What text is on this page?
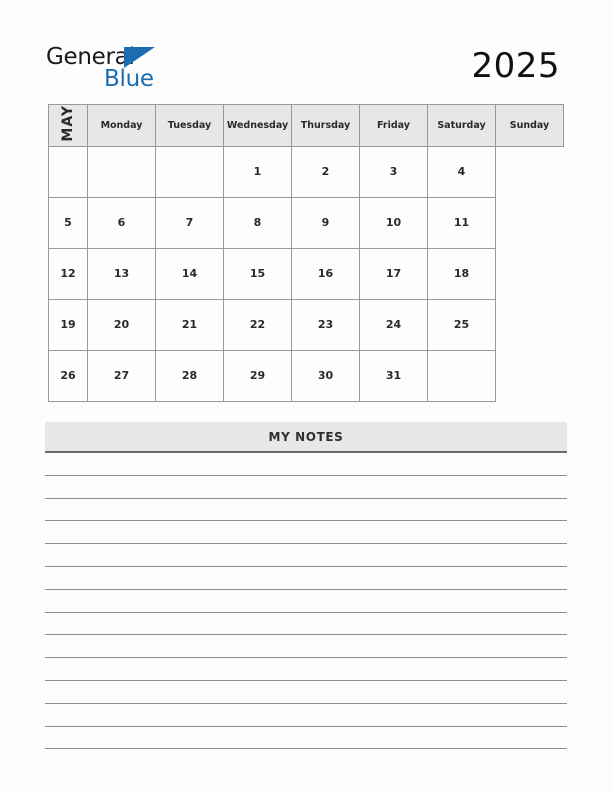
General
Blue	2025
MAY	Monday	Tuesday	Wednesday	Thursday	Friday	Saturday	Sunday
			1	2	3	4	
5	6	7	8	9	10	11	
12	13	14	15	16	17	18	
19	20	21	22	23	24	25	
26	27	28	29	30	31		
MY NOTES
